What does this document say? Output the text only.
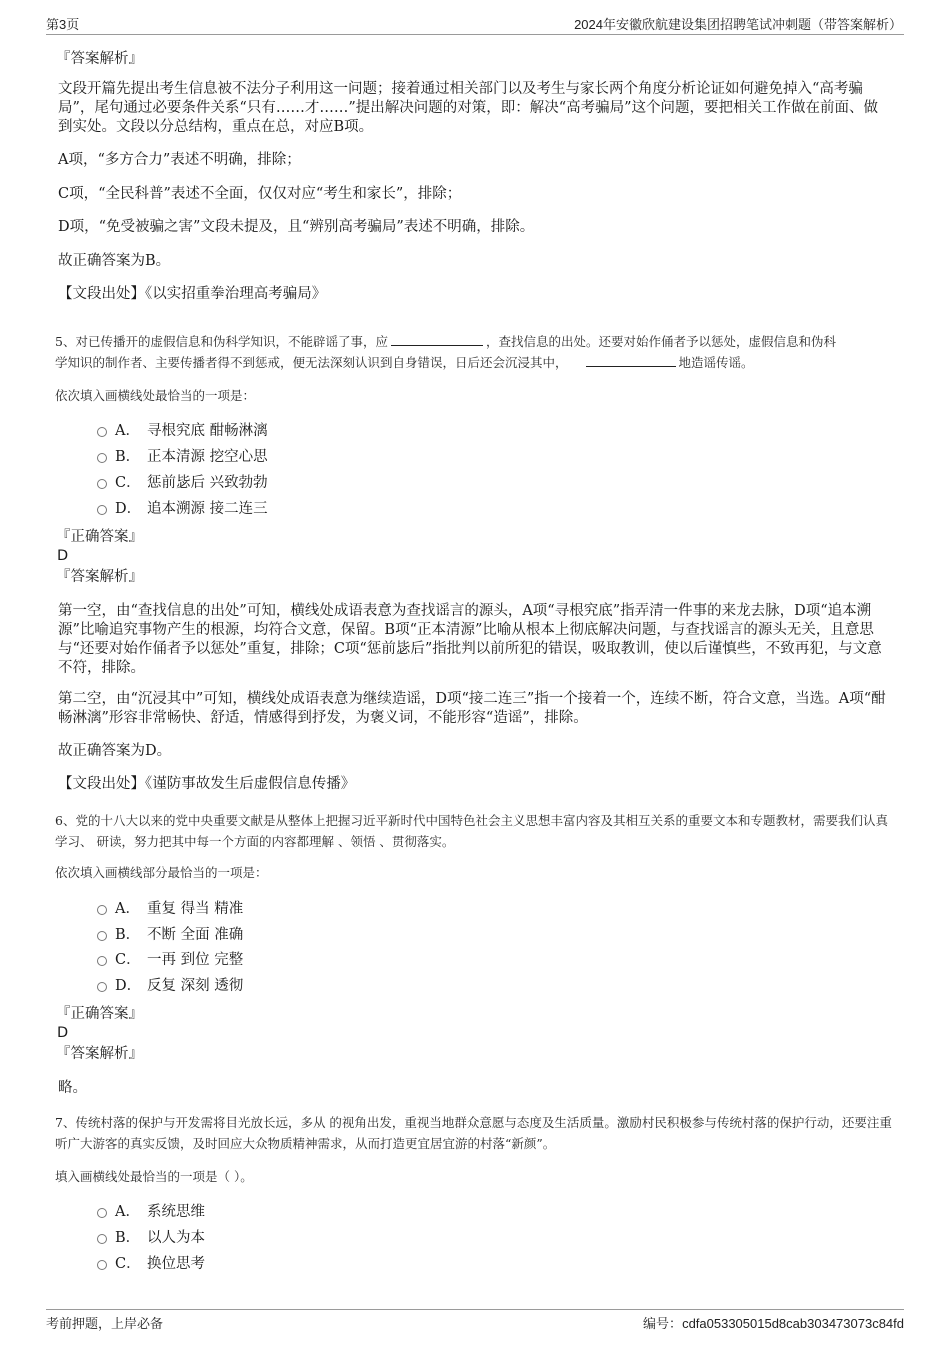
第3页	2024年安徽欣航建设集团招聘笔试冲刺题（带答案解析）
『答案解析』
文段开篇先提出考生信息被不法分子利用这一问题；接着通过相关部门以及考生与家长两个角度分析论证如何避免掉入“高考骗局”，尾句通过必要条件关系“只有……才……”提出解决问题的对策，即：解决“高考骗局”这个问题，要把相关工作做在前面、做到实处。文段以分总结构，重点在总，对应B项。
A项，“多方合力”表述不明确，排除；
C项，“全民科普”表述不全面，仅仅对应“考生和家长”，排除；
D项，“免受被骗之害”文段未提及，且“辨别高考骗局”表述不明确，排除。
故正确答案为B。
【文段出处】《以实招重拳治理高考骗局》
5、对已传播开的虚假信息和伪科学知识，不能辟谣了事，应	，查找信息的出处。还要对始作俑者予以惩处，虚假信息和伪科
学知识的制作者、主要传播者得不到惩戒，便无法深刻认识到自身错误，日后还会沉浸其中，	地造谣传谣。
依次填入画横线处最恰当的一项是：
A． 寻根究底 酣畅淋漓
B． 正本清源 挖空心思
C． 惩前毖后 兴致勃勃
D． 追本溯源 接二连三
『正确答案』
D
『答案解析』
第一空，由“查找信息的出处”可知，横线处成语表意为查找谣言的源头，A项“寻根究底”指弄清一件事的来龙去脉，D项“追本溯源”比喻追究事物产生的根源，均符合文意，保留。B项“正本清源”比喻从根本上彻底解决问题，与查找谣言的源头无关，且意思与“还要对始作俑者予以惩处”重复，排除；C项“惩前毖后”指批判以前所犯的错误，吸取教训，使以后谨慎些，不致再犯，与文意不符，排除。
第二空，由“沉浸其中”可知，横线处成语表意为继续造谣，D项“接二连三”指一个接着一个，连续不断，符合文意，当选。A项“酣畅淋漓”形容非常畅快、舒适，情感得到抒发，为褒义词，不能形容“造谣”，排除。
故正确答案为D。
【文段出处】《谨防事故发生后虚假信息传播》
6、党的十八大以来的党中央重要文献是从整体上把握习近平新时代中国特色社会主义思想丰富内容及其相互关系的重要文本和专题教材，需要我们认真学习、 研读，努力把其中每一个方面的内容都理解 、领悟 、贯彻落实。
依次填入画横线部分最恰当的一项是：
A． 重复 得当 精准
B． 不断 全面 准确
C． 一再 到位 完整
D． 反复 深刻 透彻
『正确答案』
D
『答案解析』
略。
7、传统村落的保护与开发需将目光放长远，多从 的视角出发，重视当地群众意愿与态度及生活质量。激励村民积极参与传统村落的保护行动，还要注重听广大游客的真实反馈，及时回应大众物质精神需求，从而打造更宜居宜游的村落“新颜”。
填入画横线处最恰当的一项是（ ）。
A． 系统思维
B． 以人为本
C． 换位思考
考前押题，上岸必备	编号：cdfa053305015d8cab303473073c84fd
